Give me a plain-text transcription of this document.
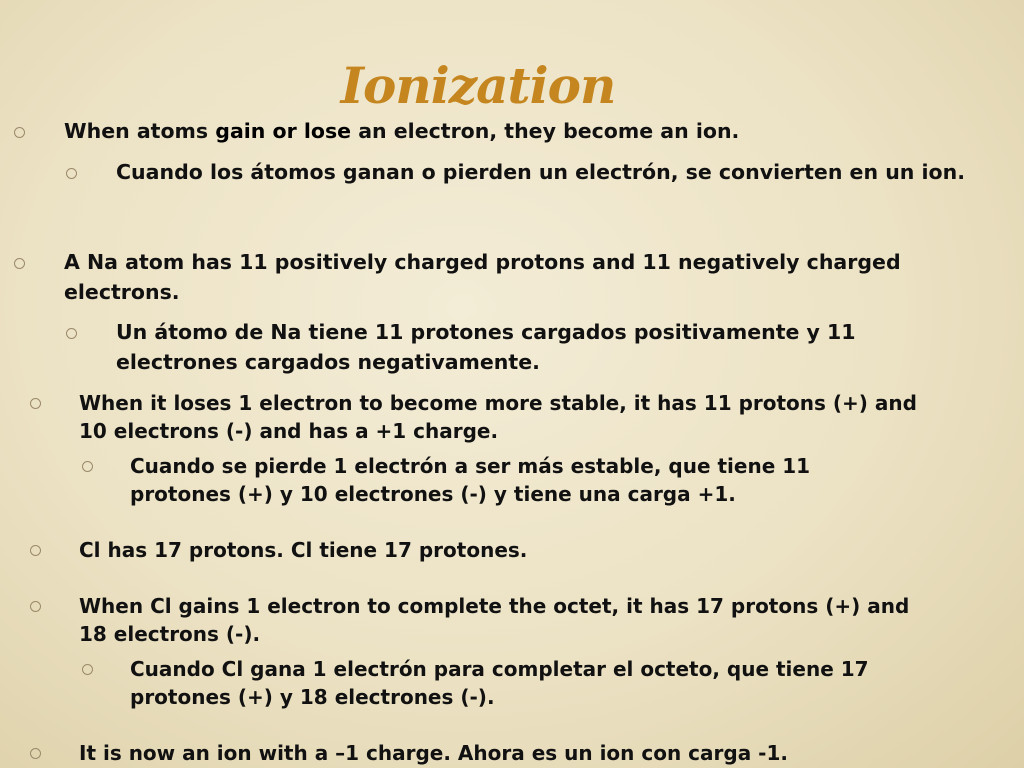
Ionization
When atoms gain or lose an electron, they become an ion.
Cuando los átomos ganan o pierden un electrón, se convierten en un ion.
A Na atom has 11 positively charged protons and 11 negatively charged electrons.
Un átomo de Na tiene 11 protones cargados positivamente y 11 electrones cargados negativamente.
When it loses 1 electron to become more stable, it has 11 protons (+) and 10 electrons (-) and has a +1 charge.
Cuando se pierde 1 electrón a ser más estable, que tiene 11 protones (+) y 10 electrones (-) y tiene una carga +1.
Cl has 17 protons. Cl tiene 17 protones.
When Cl gains 1 electron to complete the octet, it has 17 protons (+) and 18 electrons (-).
Cuando Cl gana 1 electrón para completar el octeto, que tiene 17 protones (+) y 18 electrones (-).
It is now an ion with a –1 charge. Ahora es un ion con carga -1.
